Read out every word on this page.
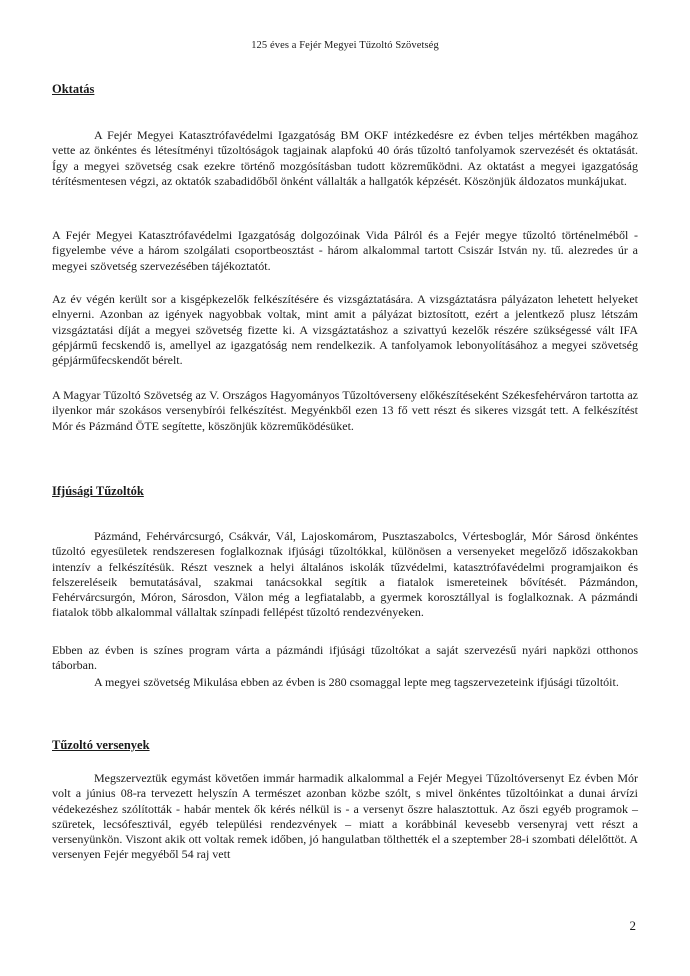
125 éves a Fejér Megyei Tűzoltó Szövetség
Oktatás

A Fejér Megyei Katasztrófavédelmi Igazgatóság BM OKF intézkedésre ez évben teljes mértékben magához vette az önkéntes és létesítményi tűzoltóságok tagjainak alapfokú 40 órás tűzoltó tanfolyamok szervezését és oktatását. Így a megyei szövetség csak ezekre történő mozgósításban tudott közreműködni. Az oktatást a megyei igazgatóság térítésmentesen végzi, az oktatók szabadidőből önként vállalták a hallgatók képzését. Köszönjük áldozatos munkájukat.

A Fejér Megyei Katasztrófavédelmi Igazgatóság dolgozóinak Vida Pálról és a Fejér megye tűzoltó történelméből - figyelembe véve a három szolgálati csoportbeosztást - három alkalommal tartott Csiszár István ny. tű. alezredes úr a megyei szövetség szervezésében tájékoztatót.

Az év végén került sor a kisgépkezelők felkészítésére és vizsgáztatására. A vizsgáztatásra pályázaton lehetett helyeket elnyerni. Azonban az igények nagyobbak voltak, mint amit a pályázat biztosított, ezért a jelentkező plusz létszám vizsgáztatási díját a megyei szövetség fizette ki. A vizsgáztatáshoz a szivattyú kezelők részére szükségessé vált IFA gépjármű fecskendő is, amellyel az igazgatóság nem rendelkezik. A tanfolyamok lebonyolításához a megyei szövetség gépjárműfecskendőt bérelt.

A Magyar Tűzoltó Szövetség az V. Országos Hagyományos Tűzoltóverseny előkészítéseként Székesfehérváron tartotta az ilyenkor már szokásos versenybírói felkészítést. Megyénkből ezen 13 fő vett részt és sikeres vizsgát tett. A felkészítést Mór és Pázmánd ÖTE segítette, köszönjük közreműködésüket.

Ifjúsági Tűzoltók

Pázmánd, Fehérvárcsurgó, Csákvár, Vál, Lajoskomárom, Pusztaszabolcs, Vértesboglár, Mór Sárosd önkéntes tűzoltó egyesületek rendszeresen foglalkoznak ifjúsági tűzoltókkal, különösen a versenyeket megelőző időszakokban intenzív a felkészítésük. Részt vesznek a helyi általános iskolák tűzvédelmi, katasztrófavédelmi programjaikon és felszereléseik bemutatásával, szakmai tanácsokkal segítik a fiatalok ismereteinek bővítését. Pázmándon, Fehérvárcsurgón, Móron, Sárosdon, Välon még a legfiatalabb, a gyermek korosztállyal is foglalkoznak. A pázmándi fiatalok több alkalommal vállaltak színpadi fellépést tűzoltó rendezvényeken.

Ebben az évben is színes program várta a pázmándi ifjúsági tűzoltókat a saját szervezésű nyári napközi otthonos táborban.

A megyei szövetség Mikulása ebben az évben is 280 csomaggal lepte meg tagszervezeteink ifjúsági tűzoltóit.

Tűzoltó versenyek

Megszerveztük egymást követően immár harmadik alkalommal a Fejér Megyei Tűzoltóversenyt Ez évben Mór volt a június 08-ra tervezett helyszín A természet azonban közbe szólt, s mivel önkéntes tűzoltóinkat a dunai árvízi védekezéshez szólították - habár mentek ők kérés nélkül is - a versenyt őszre halasztottuk. Az őszi egyéb programok – szüretek, lecsófesztivál, egyéb települési rendezvények – miatt a korábbinál kevesebb versenyraj vett részt a versenyünkön. Viszont akik ott voltak remek időben, jó hangulatban tölthették el a szeptember 28-i szombati délelőttöt. A versenyen Fejér megyéből 54 raj vett

2
